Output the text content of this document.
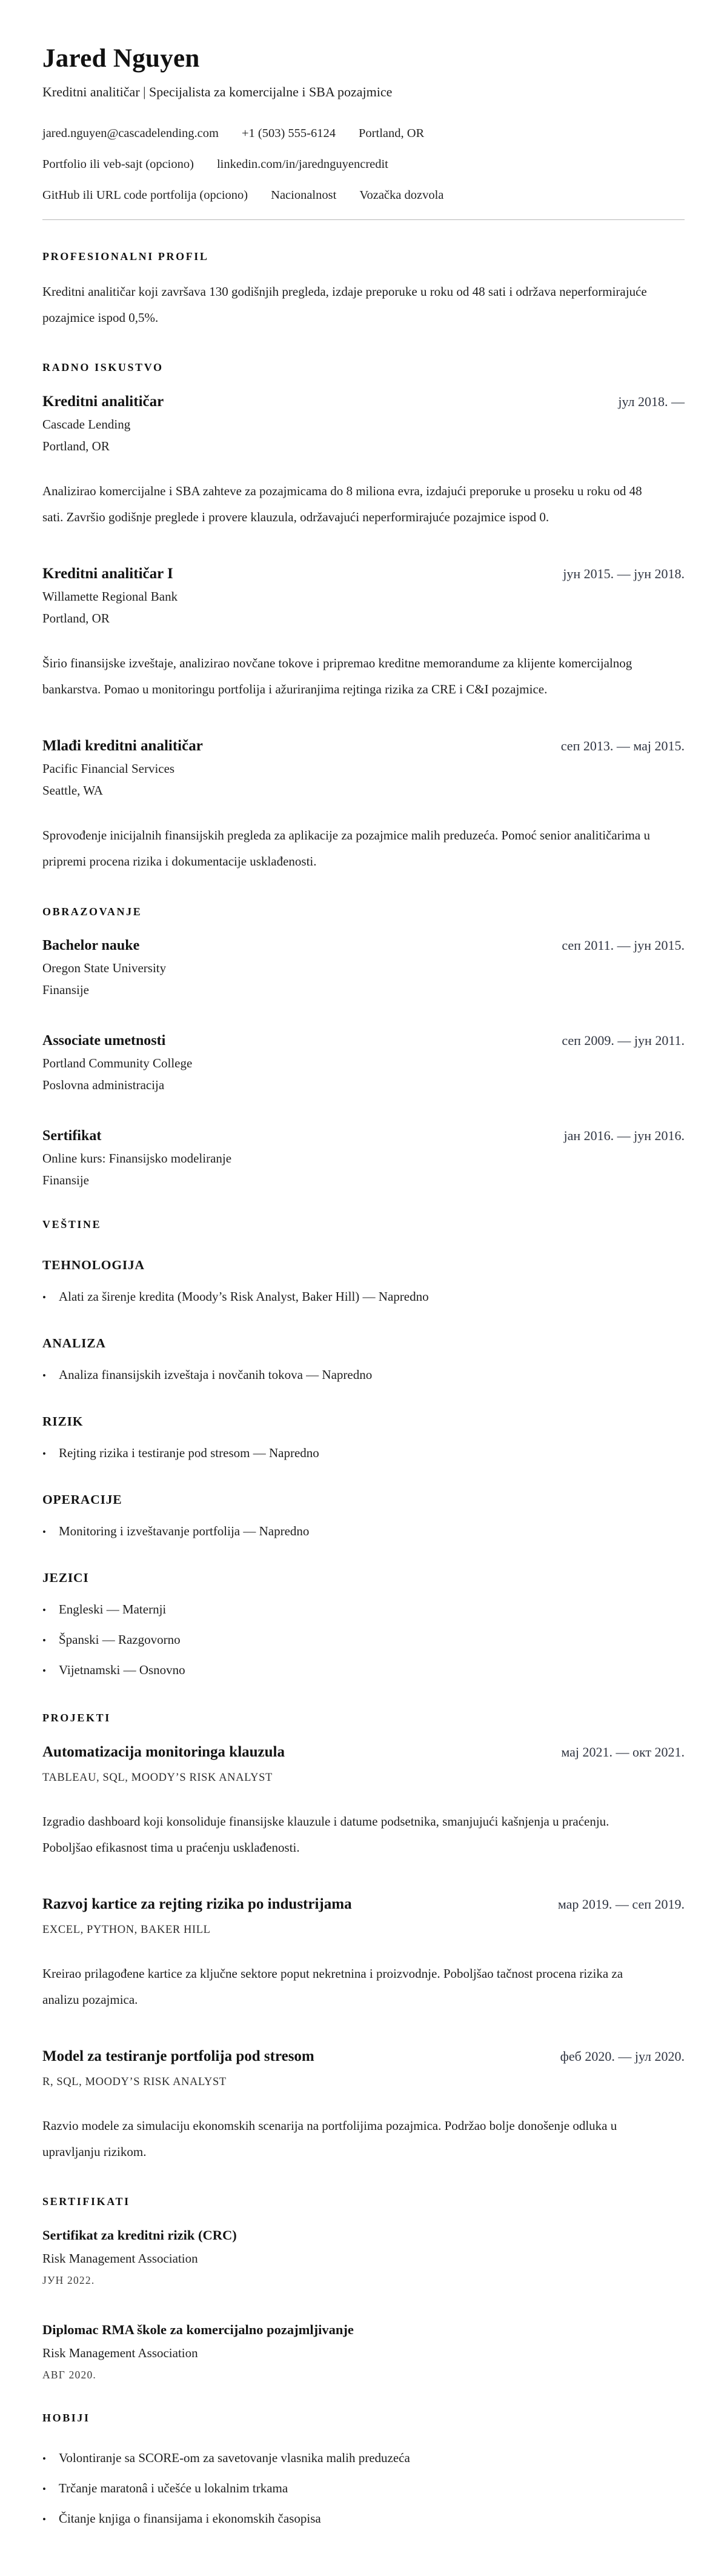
Jared Nguyen

Kreditni analitičar | Specijalista za komercijalne i SBA pozajmice

jared.nguyen@cascadelending.com +1 (503) 555-6124 Portland, OR
Portfolio ili veb-sajt (opciono) linkedin.com/in/jarednguyencredit
GitHub ili URL code portfolija (opciono) Nacionalnost Vozačka dozvola
PROFESIONALNI PROFIL

Kreditni analitičar koji završava 130 godišnjih pregleda, izdaje preporuke u roku od 48 sati i održava neperformirajuće pozajmice ispod 0,5%.

RADNO ISKUSTVO
Kreditni analitičar	јул 2018. —
Cascade Lending
Portland, OR

Analizirao komercijalne i SBA zahteve za pozajmicama do 8 miliona evra, izdajući preporuke u proseku u roku od 48 sati. Završio godišnje preglede i provere klauzula, održavajući neperformirajuće pozajmice ispod 0.

Kreditni analitičar I	јун 2015. — јун 2018.
Willamette Regional Bank
Portland, OR

Širio finansijske izveštaje, analizirao novčane tokove i pripremao kreditne memorandume za klijente komercijalnog bankarstva. Pomao u monitoringu portfolija i ažuriranjima rejtinga rizika za CRE i C&I pozajmice.

Mlađi kreditni analitičar	сеп 2013. — мај 2015.
Pacific Financial Services
Seattle, WA

Sprovođenje inicijalnih finansijskih pregleda za aplikacije za pozajmice malih preduzeća. Pomoć senior analitičarima u pripremi procena rizika i dokumentacije usklađenosti.

OBRAZOVANJE
Bachelor nauke	сеп 2011. — јун 2015.
Oregon State University
Finansije
Associate umetnosti	сеп 2009. — јун 2011.
Portland Community College
Poslovna administracija
Sertifikat	јан 2016. — јун 2016.
Online kurs: Finansijsko modeliranje
Finansije
VEŠTINE
TEHNOLOGIJA
• Alati za širenje kredita (Moody’s Risk Analyst, Baker Hill) — Napredno
ANALIZA
• Analiza finansijskih izveštaja i novčanih tokova — Napredno
RIZIK
• Rejting rizika i testiranje pod stresom — Napredno
OPERACIJE
• Monitoring i izveštavanje portfolija — Napredno
JEZICI
• Engleski — Maternji
• Španski — Razgovorno
• Vijetnamski — Osnovno
PROJEKTI
Automatizacija monitoringa klauzula	мај 2021. — окт 2021.
TABLEAU, SQL, MOODY’S RISK ANALYST

Izgradio dashboard koji konsoliduje finansijske klauzule i datume podsetnika, smanjujući kašnjenja u praćenju. Poboljšao efikasnost tima u praćenju usklađenosti.

Razvoj kartice za rejting rizika po industrijama	мар 2019. — сеп 2019.
EXCEL, PYTHON, BAKER HILL

Kreirao prilagođene kartice za ključne sektore poput nekretnina i proizvodnje. Poboljšao tačnost procena rizika za analizu pozajmica.

Model za testiranje portfolija pod stresom	феб 2020. — јул 2020.
R, SQL, MOODY’S RISK ANALYST

Razvio modele za simulaciju ekonomskih scenarija na portfolijima pozajmica. Podržao bolje donošenje odluka u upravljanju rizikom.

SERTIFIKATI
Sertifikat za kreditni rizik (CRC)
Risk Management Association
ЈУН 2022.
Diplomac RMA škole za komercijalno pozajmljivanje
Risk Management Association
АВГ 2020.
HOBIJI
• Volontiranje sa SCORE-om za savetovanje vlasnika malih preduzeća
• Trčanje maratonâ i učešće u lokalnim trkama
• Čitanje knjiga o finansijama i ekonomskih časopisa
